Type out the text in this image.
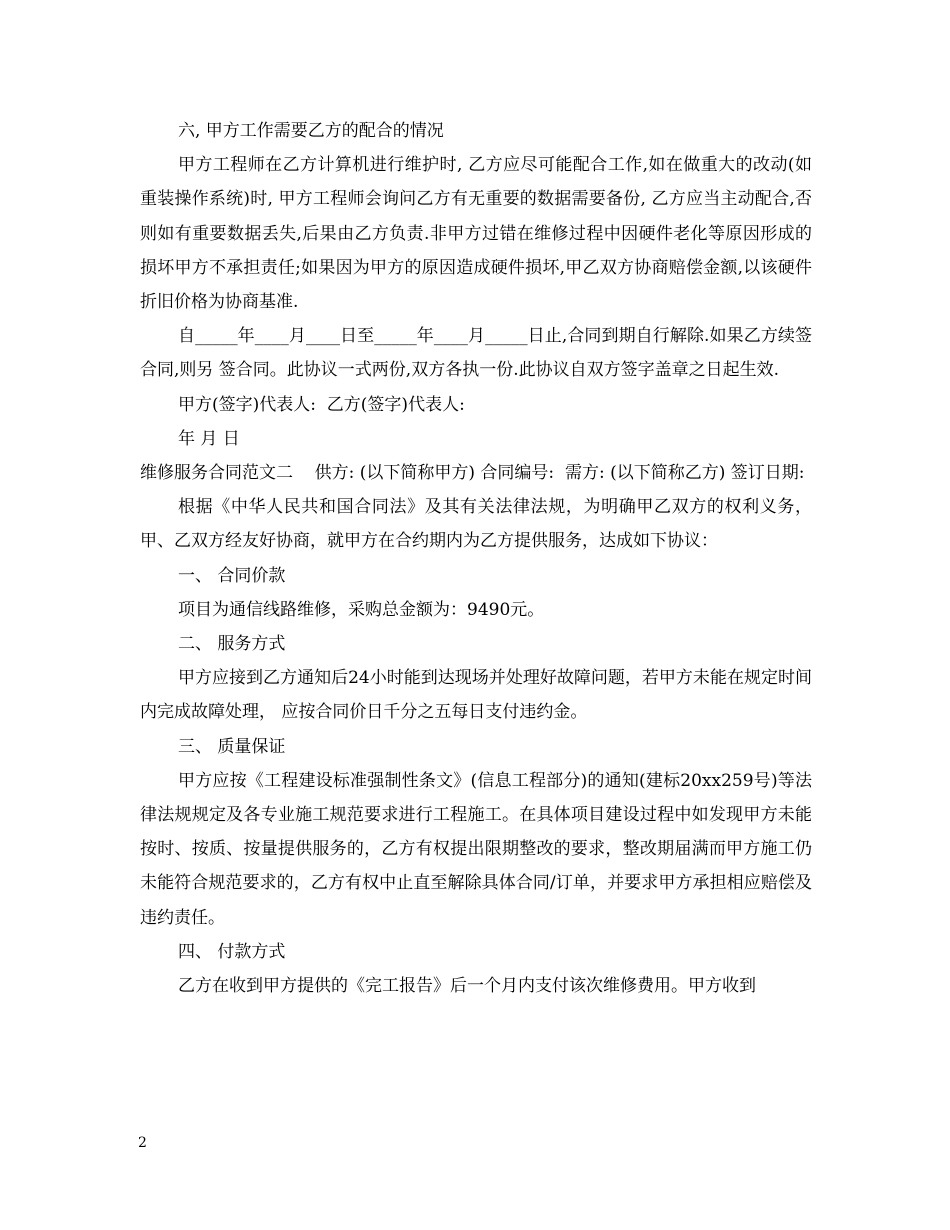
六, 甲方工作需要乙方的配合的情况

甲方工程师在乙方计算机进行维护时, 乙方应尽可能配合工作,如在做重大的改动(如重装操作系统)时, 甲方工程师会询问乙方有无重要的数据需要备份, 乙方应当主动配合,否则如有重要数据丢失,后果由乙方负责.非甲方过错在维修过程中因硬件老化等原因形成的损坏甲方不承担责任;如果因为甲方的原因造成硬件损坏,甲乙双方协商赔偿金额,以该硬件折旧价格为协商基准.

自_____年____月____日至_____年____月_____日止,合同到期自行解除.如果乙方续签合同,则另 签合同。此协议一式两份,双方各执一份.此协议自双方签字盖章之日起生效.

甲方(签字)代表人:  乙方(签字)代表人:

年 月 日

维修服务合同范文二    供方: (以下简称甲方) 合同编号:  需方: (以下简称乙方) 签订日期:

根据《中华人民共和国合同法》及其有关法律法规，为明确甲乙双方的权利义务，甲、乙双方经友好协商，就甲方在合约期内为乙方提供服务，达成如下协议：

一、 合同价款

项目为通信线路维修，采购总金额为：9490元。

二、 服务方式

甲方应接到乙方通知后24小时能到达现场并处理好故障问题，若甲方未能在规定时间内完成故障处理， 应按合同价日千分之五每日支付违约金。

三、 质量保证

甲方应按《工程建设标准强制性条文》(信息工程部分)的通知(建标20xx259号)等法律法规规定及各专业施工规范要求进行工程施工。在具体项目建设过程中如发现甲方未能按时、按质、按量提供服务的，乙方有权提出限期整改的要求，整改期届满而甲方施工仍未能符合规范要求的，乙方有权中止直至解除具体合同/订单，并要求甲方承担相应赔偿及违约责任。

四、 付款方式

乙方在收到甲方提供的《完工报告》后一个月内支付该次维修费用。甲方收到

2
